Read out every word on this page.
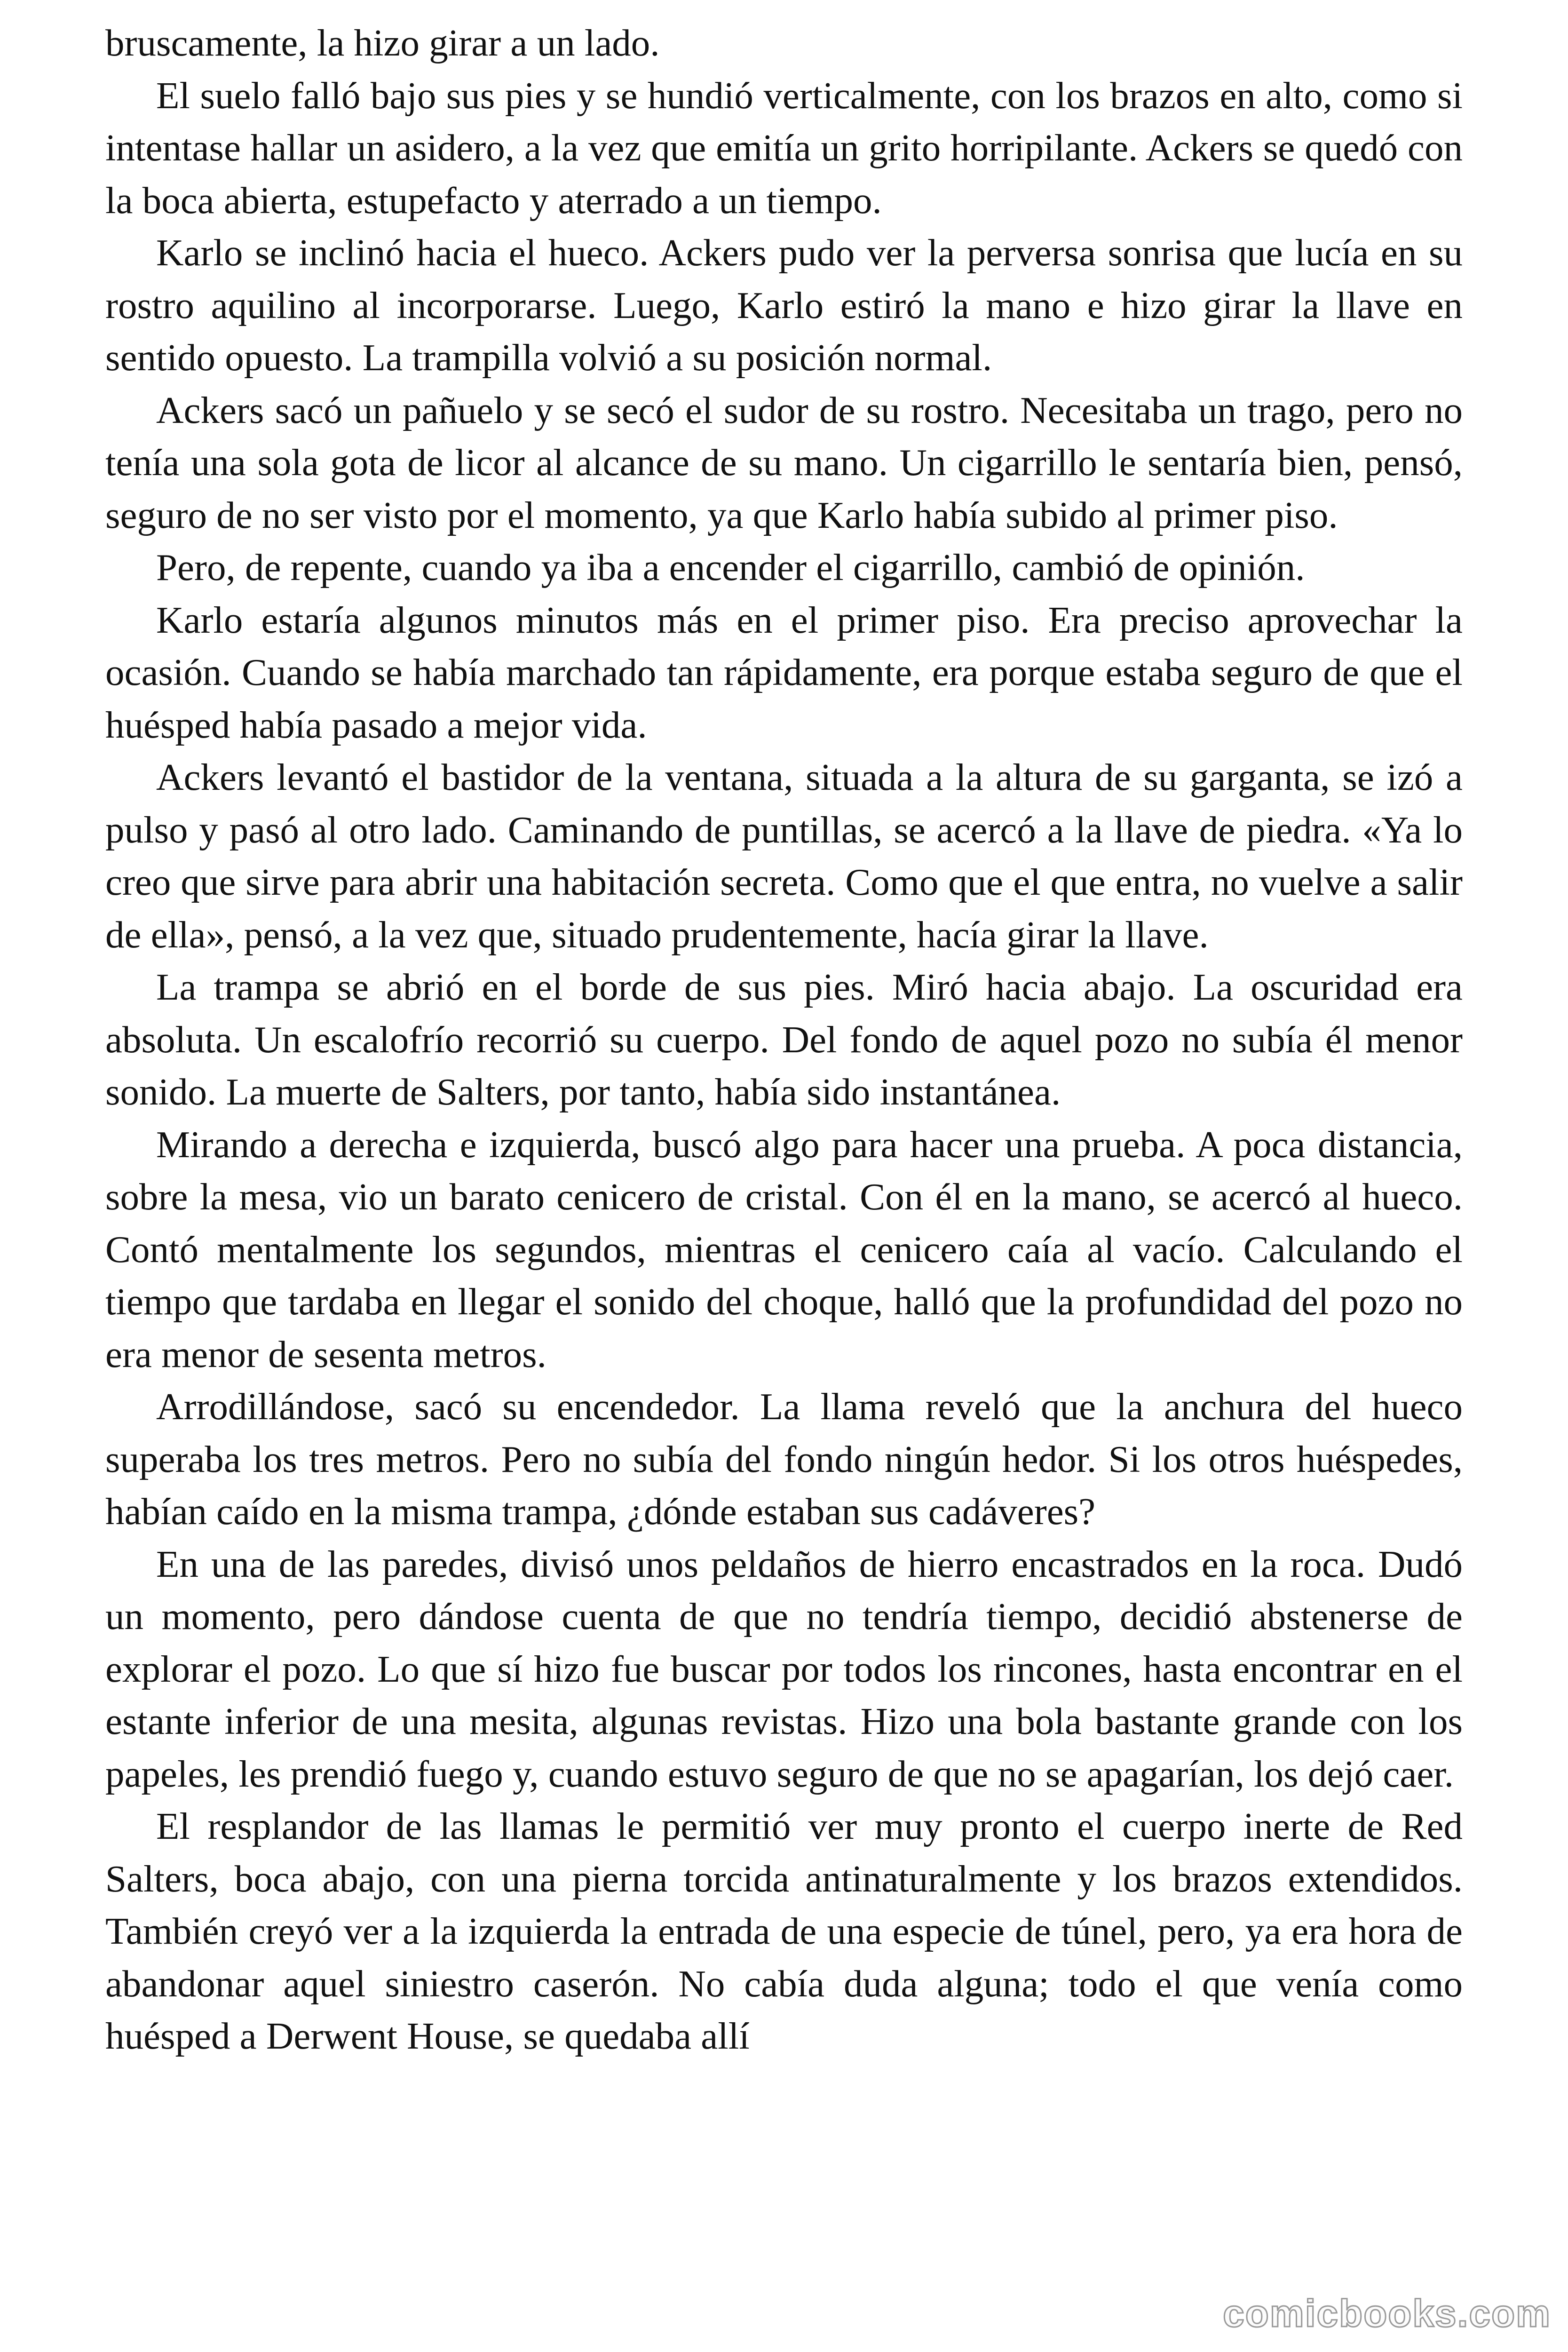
bruscamente, la hizo girar a un lado.

El suelo falló bajo sus pies y se hundió verticalmente, con los brazos en alto, como si intentase hallar un asidero, a la vez que emitía un grito horripilante. Ackers se quedó con la boca abierta, estupefacto y aterrado a un tiempo.

Karlo se inclinó hacia el hueco. Ackers pudo ver la perversa sonrisa que lucía en su rostro aquilino al incorporarse. Luego, Karlo estiró la mano e hizo girar la llave en sentido opuesto. La trampilla volvió a su posición normal.

Ackers sacó un pañuelo y se secó el sudor de su rostro. Necesitaba un trago, pero no tenía una sola gota de licor al alcance de su mano. Un cigarrillo le sentaría bien, pensó, seguro de no ser visto por el momento, ya que Karlo había subido al primer piso.

Pero, de repente, cuando ya iba a encender el cigarrillo, cambió de opinión.

Karlo estaría algunos minutos más en el primer piso. Era preciso aprovechar la ocasión. Cuando se había marchado tan rápidamente, era porque estaba seguro de que el huésped había pasado a mejor vida.

Ackers levantó el bastidor de la ventana, situada a la altura de su garganta, se izó a pulso y pasó al otro lado. Caminando de puntillas, se acercó a la llave de piedra. «Ya lo creo que sirve para abrir una habitación secreta. Como que el que entra, no vuelve a salir de ella», pensó, a la vez que, situado prudentemente, hacía girar la llave.

La trampa se abrió en el borde de sus pies. Miró hacia abajo. La oscuridad era absoluta. Un escalofrío recorrió su cuerpo. Del fondo de aquel pozo no subía él menor sonido. La muerte de Salters, por tanto, había sido instantánea.

Mirando a derecha e izquierda, buscó algo para hacer una prueba. A poca distancia, sobre la mesa, vio un barato cenicero de cristal. Con él en la mano, se acercó al hueco. Contó mentalmente los segundos, mientras el cenicero caía al vacío. Calculando el tiempo que tardaba en llegar el sonido del choque, halló que la profundidad del pozo no era menor de sesenta metros.

Arrodillándose, sacó su encendedor. La llama reveló que la anchura del hueco superaba los tres metros. Pero no subía del fondo ningún hedor. Si los otros huéspedes, habían caído en la misma trampa, ¿dónde estaban sus cadáveres?

En una de las paredes, divisó unos peldaños de hierro encastrados en la roca. Dudó un momento, pero dándose cuenta de que no tendría tiempo, decidió abstenerse de explorar el pozo. Lo que sí hizo fue buscar por todos los rincones, hasta encontrar en el estante inferior de una mesita, algunas revistas. Hizo una bola bastante grande con los papeles, les prendió fuego y, cuando estuvo seguro de que no se apagarían, los dejó caer.

El resplandor de las llamas le permitió ver muy pronto el cuerpo inerte de Red Salters, boca abajo, con una pierna torcida antinaturalmente y los brazos extendidos. También creyó ver a la izquierda la entrada de una especie de túnel, pero, ya era hora de abandonar aquel siniestro caserón. No cabía duda alguna; todo el que venía como huésped a Derwent House, se quedaba allí

comicbooks.com
